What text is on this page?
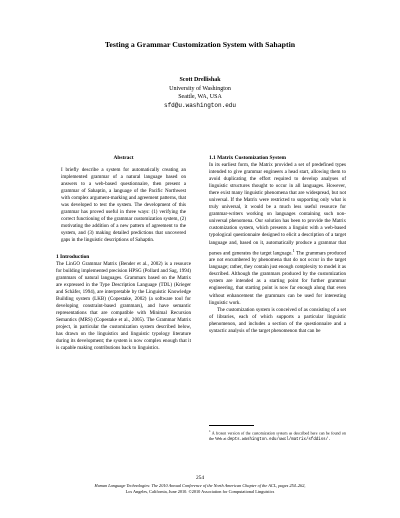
Testing a Grammar Customization System with Sahaptin
Scott Drellishak
University of Washington
Seattle, WA, USA
sfd@u.washington.edu
Abstract

I briefly describe a system for automatically creating an implemented grammar of a natural language based on answers to a web-based questionnaire, then present a grammar of Sahaptin, a language of the Pacific Northwest with complex argument-marking and agreement patterns, that was developed to test the system. The development of this grammar has proved useful in three ways: (1) verifying the correct functioning of the grammar customization system, (2) motivating the addition of a new pattern of agreement to the system, and (3) making detailed predictions that uncovered gaps in the linguistic descriptions of Sahaptin.

1 Introduction

The LinGO Grammar Matrix (Bender et al., 2002) is a resource for building implemented precision HPSG (Pollard and Sag, 1994) grammars of natural languages. Grammars based on the Matrix are expressed in the Type Description Language (TDL) (Krieger and Schäfer, 1994), are interpretable by the Linguistic Knowledge Building system (LKB) (Copestake, 2002) (a software tool for developing constraint-based grammars), and have semantic representations that are compatible with Minimal Recursion Semantics (MRS) (Copestake et al., 2005). The Grammar Matrix project, in particular the customization system described below, has drawn on the linguistics and linguistic typology literature during its development; the system is now complex enough that it is capable making contributions back to linguistics.

1.1 Matrix Customization System

In its earliest form, the Matrix provided a set of predefined types intended to give grammar engineers a head start, allowing them to avoid duplicating the effort required to develop analyses of linguistic structures thought to occur in all languages. However, there exist many linguistic phenomena that are widespread, but not universal. If the Matrix were restricted to supporting only what is truly universal, it would be a much less useful resource for grammar-writers working on languages containing such non-universal phenomena. Our solution has been to provide the Matrix customization system, which presents a linguist with a web-based typological questionnaire designed to elicit a description of a target language and, based on it, automatically produce a grammar that parses and generates the target language.$^1$ The grammars produced are not encumbered by phenomena that do not occur in the target language; rather, they contain just enough complexity to model it as described. Although the grammars produced by the customization system are intended as a starting point for further grammar engineering, that starting point is now far enough along that even without enhancement the grammars can be used for interesting linguistic work.

The customization system is conceived of as consisting of a set of libraries, each of which supports a particular linguistic phenomenon, and includes a section of the questionnaire and a syntactic analysis of the target phenomenon that can be

$^1$ A frozen version of the customization system as described here can be found on the Web at depts.washington.edu/uwcl/matrix/sfddiss/.
254
Human Language Technologies: The 2010 Annual Conference of the North American Chapter of the ACL, pages 254–262,
Los Angeles, California, June 2010. ©2010 Association for Computational Linguistics
